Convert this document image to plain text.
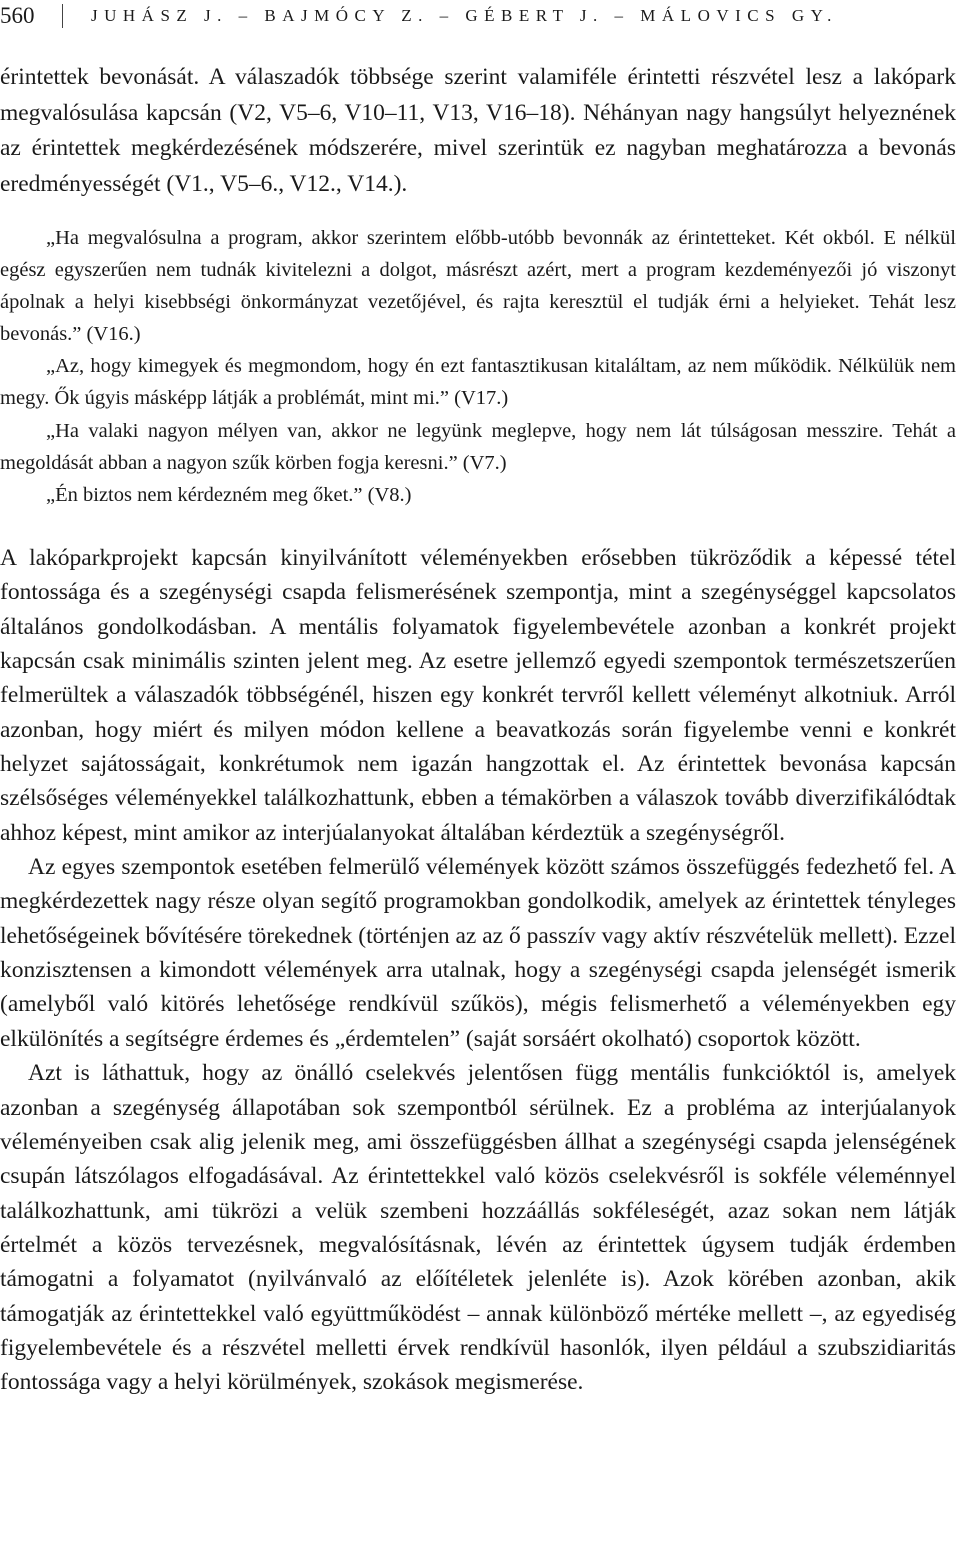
560	JUHÁSZ J. – BAJMÓCY Z. – GÉBERT J. – MÁLOVICS GY.

érintettek bevonását. A válaszadók többsége szerint valamiféle érintetti részvétel lesz a lakópark megvalósulása kapcsán (V2, V5–6, V10–11, V13, V16–18). Néhányan nagy hangsúlyt helyeznének az érintettek megkérdezésének módszerére, mivel szerintük ez nagyban meghatározza a bevonás eredményességét (V1., V5–6., V12., V14.).

„Ha megvalósulna a program, akkor szerintem előbb-utóbb bevonnák az érintetteket. Két okból. E nélkül egész egyszerűen nem tudnák kivitelezni a dolgot, másrészt azért, mert a program kezdeményezői jó viszonyt ápolnak a helyi kisebbségi önkormányzat vezetőjével, és rajta keresztül el tudják érni a helyieket. Tehát lesz bevonás.” (V16.)

„Az, hogy kimegyek és megmondom, hogy én ezt fantasztikusan kitaláltam, az nem működik. Nélkülük nem megy. Ők úgyis másképp látják a problémát, mint mi.” (V17.)

„Ha valaki nagyon mélyen van, akkor ne legyünk meglepve, hogy nem lát túlságosan messzire. Tehát a megoldását abban a nagyon szűk körben fogja keresni.” (V7.)

„Én biztos nem kérdezném meg őket.” (V8.)

A lakóparkprojekt kapcsán kinyilvánított véleményekben erősebben tükröződik a képessé tétel fontossága és a szegénységi csapda felismerésének szempontja, mint a szegénységgel kapcsolatos általános gondolkodásban. A mentális folyamatok figyelembevétele azonban a konkrét projekt kapcsán csak minimális szinten jelent meg. Az esetre jellemző egyedi szempontok természetszerűen felmerültek a válaszadók többségénél, hiszen egy konkrét tervről kellett véleményt alkotniuk. Arról azonban, hogy miért és milyen módon kellene a beavatkozás során figyelembe venni e konkrét helyzet sajátosságait, konkrétumok nem igazán hangzottak el. Az érintettek bevonása kapcsán szélsőséges véleményekkel találkozhattunk, ebben a témakörben a válaszok tovább diverzifikálódtak ahhoz képest, mint amikor az interjúalanyokat általában kérdeztük a szegénységről.

Az egyes szempontok esetében felmerülő vélemények között számos összefüggés fedezhető fel. A megkérdezettek nagy része olyan segítő programokban gondolkodik, amelyek az érintettek tényleges lehetőségeinek bővítésére törekednek (történjen az az ő passzív vagy aktív részvételük mellett). Ezzel konzisztensen a kimondott vélemények arra utalnak, hogy a szegénységi csapda jelenségét ismerik (amelyből való kitörés lehetősége rendkívül szűkös), mégis felismerhető a véleményekben egy elkülönítés a segítségre érdemes és „érdemtelen” (saját sorsáért okolható) csoportok között.

Azt is láthattuk, hogy az önálló cselekvés jelentősen függ mentális funkcióktól is, amelyek azonban a szegénység állapotában sok szempontból sérülnek. Ez a probléma az interjúalanyok véleményeiben csak alig jelenik meg, ami összefüggésben állhat a szegénységi csapda jelenségének csupán látszólagos elfogadásával. Az érintettekkel való közös cselekvésről is sokféle véleménnyel találkozhattunk, ami tükrözi a velük szembeni hozzáállás sokféleségét, azaz sokan nem látják értelmét a közös tervezésnek, megvalósításnak, lévén az érintettek úgysem tudják érdemben támogatni a folyamatot (nyilvánvaló az előítéletek jelenléte is). Azok körében azonban, akik támogatják az érintettekkel való együttműködést – annak különböző mértéke mellett –, az egyediség figyelembevétele és a részvétel melletti érvek rendkívül hasonlók, ilyen például a szubszidiaritás fontossága vagy a helyi körülmények, szokások megismerése.
